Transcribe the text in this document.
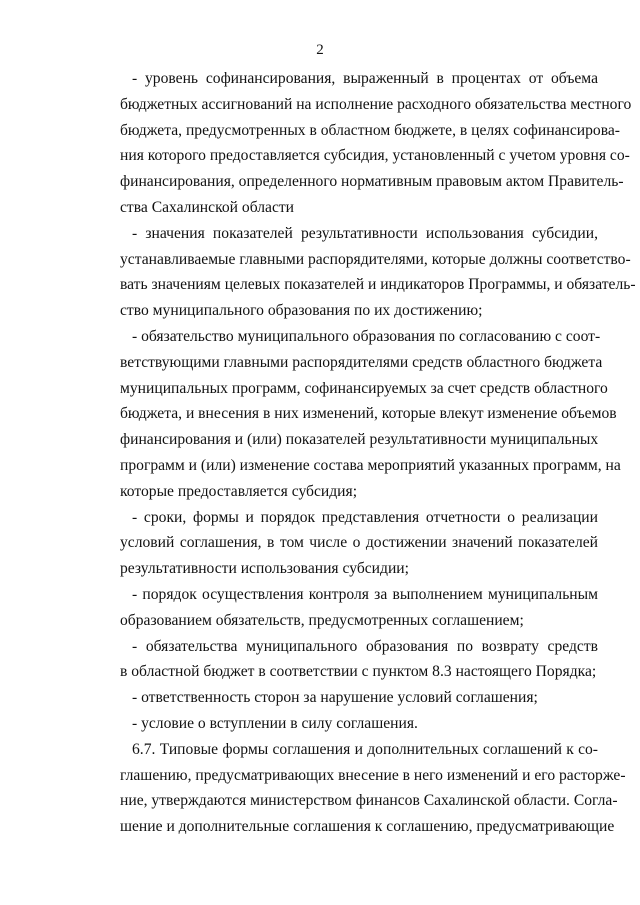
2
- уровень софинансирования, выраженный в процентах от объема
бюджетных ассигнований на исполнение расходного обязательства местного
бюджета, предусмотренных в областном бюджете, в целях софинансирова-
ния которого предоставляется субсидия, установленный с учетом уровня со-
финансирования, определенного нормативным правовым актом Правитель-
ства Сахалинской области
- значения показателей результативности использования субсидии,
устанавливаемые главными распорядителями, которые должны соответство-
вать значениям целевых показателей и индикаторов Программы, и обязатель-
ство муниципального образования по их достижению;
- обязательство муниципального образования по согласованию с соот-
ветствующими главными распорядителями средств областного бюджета
муниципальных программ, софинансируемых за счет средств областного
бюджета, и внесения в них изменений, которые влекут изменение объемов
финансирования и (или) показателей результативности муниципальных
программ и (или) изменение состава мероприятий указанных программ, на
которые предоставляется субсидия;
- сроки, формы и порядок представления отчетности о реализации
условий соглашения, в том числе о достижении значений показателей
результативности использования субсидии;
- порядок осуществления контроля за выполнением муниципальным
образованием обязательств, предусмотренных соглашением;
- обязательства муниципального образования по возврату средств
в областной бюджет в соответствии с пунктом 8.3 настоящего Порядка;
- ответственность сторон за нарушение условий соглашения;
- условие о вступлении в силу соглашения.
6.7. Типовые формы соглашения и дополнительных соглашений к со-
глашению, предусматривающих внесение в него изменений и его расторже-
ние, утверждаются министерством финансов Сахалинской области. Согла-
шение и дополнительные соглашения к соглашению, предусматривающие
